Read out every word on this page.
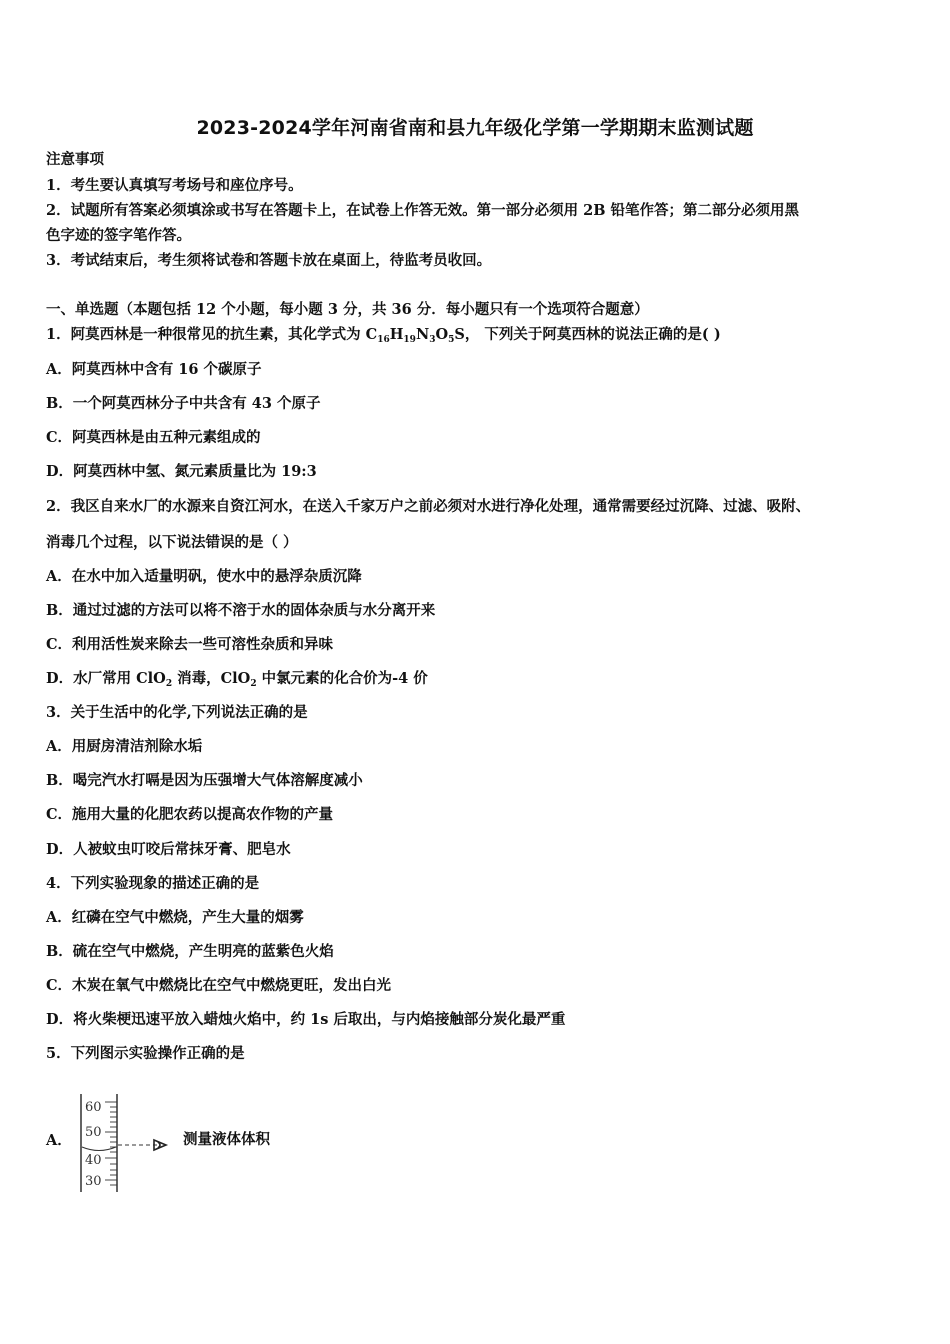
2023-2024学年河南省南和县九年级化学第一学期期末监测试题
注意事项
1．考生要认真填写考场号和座位序号。
2．试题所有答案必须填涂或书写在答题卡上，在试卷上作答无效。第一部分必须用 2B 铅笔作答；第二部分必须用黑
色字迹的签字笔作答。
3．考试结束后，考生须将试卷和答题卡放在桌面上，待监考员收回。
一、单选题（本题包括 12 个小题，每小题 3 分，共 36 分．每小题只有一个选项符合题意）
1．阿莫西林是一种很常见的抗生素，其化学式为 $C_{16}H_{19}N_3O_5S$， 下列关于阿莫西林的说法正确的是( )
A．阿莫西林中含有 16 个碳原子
B．一个阿莫西林分子中共含有 43 个原子
C．阿莫西林是由五种元素组成的
D．阿莫西林中氢、氮元素质量比为 19:3
2．我区自来水厂的水源来自资江河水，在送入千家万户之前必须对水进行净化处理，通常需要经过沉降、过滤、吸附、
消毒几个过程，以下说法错误的是（ ）
A．在水中加入适量明矾，使水中的悬浮杂质沉降
B．通过过滤的方法可以将不溶于水的固体杂质与水分离开来
C．利用活性炭来除去一些可溶性杂质和异味
D．水厂常用 ClO$_2$ 消毒，ClO$_2$ 中氯元素的化合价为-4 价
3．关于生活中的化学,下列说法正确的是
A．用厨房清洁剂除水垢
B．喝完汽水打嗝是因为压强增大气体溶解度减小
C．施用大量的化肥农药以提高农作物的产量
D．人被蚊虫叮咬后常抹牙膏、肥皂水
4．下列实验现象的描述正确的是
A．红磷在空气中燃烧，产生大量的烟雾
B．硫在空气中燃烧，产生明亮的蓝紫色火焰
C．木炭在氧气中燃烧比在空气中燃烧更旺，发出白光
D．将火柴梗迅速平放入蜡烛火焰中，约 1s 后取出，与内焰接触部分炭化最严重
5．下列图示实验操作正确的是
A．
60
50
40
30
测量液体体积
